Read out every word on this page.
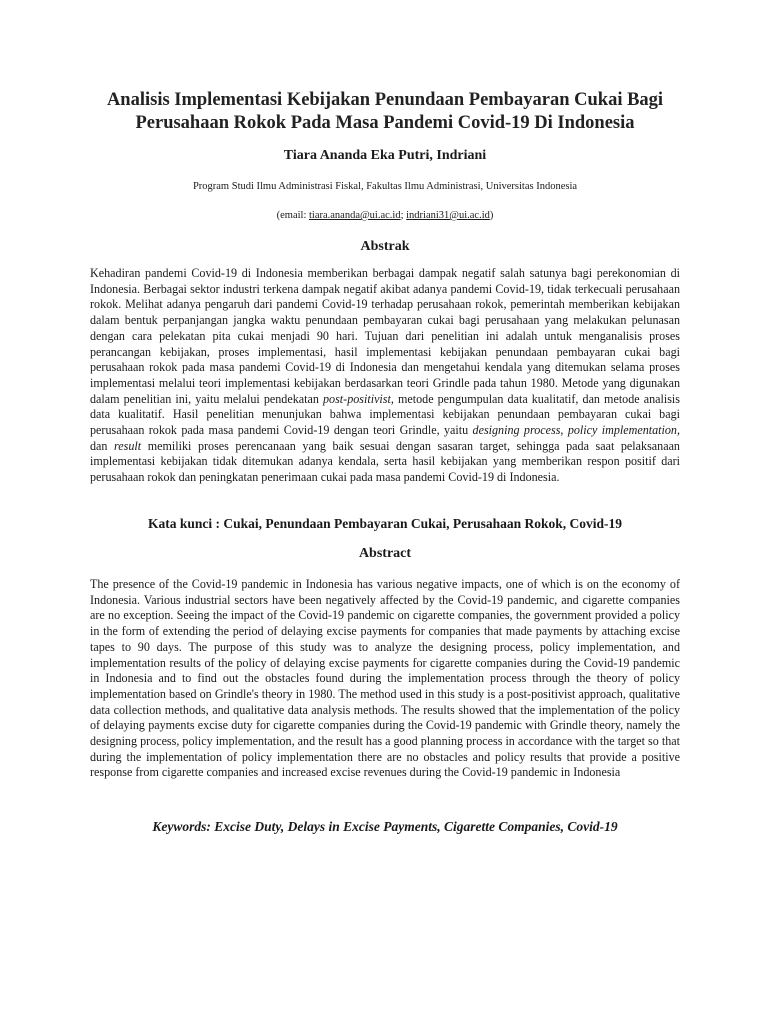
Analisis Implementasi Kebijakan Penundaan Pembayaran Cukai Bagi
Perusahaan Rokok Pada Masa Pandemi Covid-19 Di Indonesia
Tiara Ananda Eka Putri, Indriani
Program Studi Ilmu Administrasi Fiskal, Fakultas Ilmu Administrasi, Universitas Indonesia
(email: tiara.ananda@ui.ac.id; indriani31@ui.ac.id)
Abstrak
Kehadiran pandemi Covid-19 di Indonesia memberikan berbagai dampak negatif salah satunya bagi perekonomian di Indonesia. Berbagai sektor industri terkena dampak negatif akibat adanya pandemi Covid-19, tidak terkecuali perusahaan rokok. Melihat adanya pengaruh dari pandemi Covid-19 terhadap perusahaan rokok, pemerintah memberikan kebijakan dalam bentuk perpanjangan jangka waktu penundaan pembayaran cukai bagi perusahaan yang melakukan pelunasan dengan cara pelekatan pita cukai menjadi 90 hari. Tujuan dari penelitian ini adalah untuk menganalisis proses perancangan kebijakan, proses implementasi, hasil implementasi kebijakan penundaan pembayaran cukai bagi perusahaan rokok pada masa pandemi Covid-19 di Indonesia dan mengetahui kendala yang ditemukan selama proses implementasi melalui teori implementasi kebijakan berdasarkan teori Grindle pada tahun 1980. Metode yang digunakan dalam penelitian ini, yaitu melalui pendekatan post-positivist, metode pengumpulan data kualitatif, dan metode analisis data kualitatif. Hasil penelitian menunjukan bahwa implementasi kebijakan penundaan pembayaran cukai bagi perusahaan rokok pada masa pandemi Covid-19 dengan teori Grindle, yaitu designing process, policy implementation, dan result memiliki proses perencanaan yang baik sesuai dengan sasaran target, sehingga pada saat pelaksanaan implementasi kebijakan tidak ditemukan adanya kendala, serta hasil kebijakan yang memberikan respon positif dari perusahaan rokok dan peningkatan penerimaan cukai pada masa pandemi Covid-19 di Indonesia.
Kata kunci : Cukai, Penundaan Pembayaran Cukai, Perusahaan Rokok, Covid-19
Abstract
The presence of the Covid-19 pandemic in Indonesia has various negative impacts, one of which is on the economy of Indonesia. Various industrial sectors have been negatively affected by the Covid-19 pandemic, and cigarette companies are no exception. Seeing the impact of the Covid-19 pandemic on cigarette companies, the government provided a policy in the form of extending the period of delaying excise payments for companies that made payments by attaching excise tapes to 90 days. The purpose of this study was to analyze the designing process, policy implementation, and implementation results of the policy of delaying excise payments for cigarette companies during the Covid-19 pandemic in Indonesia and to find out the obstacles found during the implementation process through the theory of policy implementation based on Grindle's theory in 1980. The method used in this study is a post-positivist approach, qualitative data collection methods, and qualitative data analysis methods. The results showed that the implementation of the policy of delaying payments excise duty for cigarette companies during the Covid-19 pandemic with Grindle theory, namely the designing process, policy implementation, and the result has a good planning process in accordance with the target so that during the implementation of policy implementation there are no obstacles and policy results that provide a positive response from cigarette companies and increased excise revenues during the Covid-19 pandemic in Indonesia
Keywords: Excise Duty, Delays in Excise Payments, Cigarette Companies, Covid-19
